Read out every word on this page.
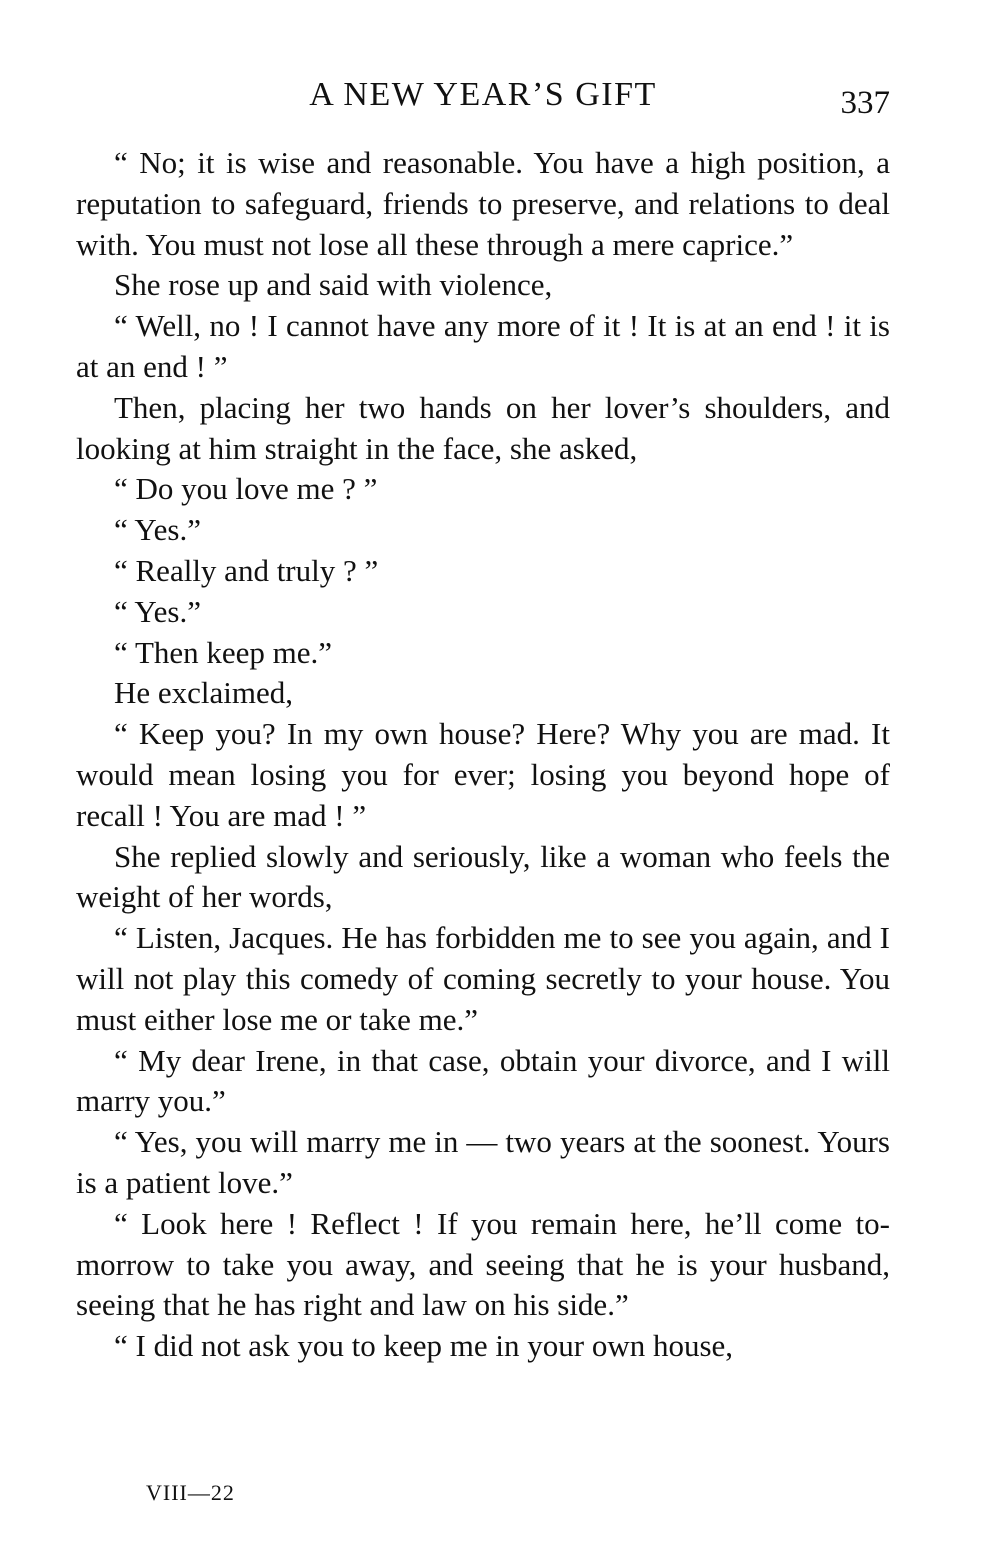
A NEW YEAR’S GIFT	337

“ No; it is wise and reasonable. You have a high position, a reputation to safeguard, friends to preserve, and relations to deal with. You must not lose all these through a mere caprice.”

She rose up and said with violence,

“ Well, no ! I cannot have any more of it ! It is at an end ! it is at an end ! ”

Then, placing her two hands on her lover’s shoulders, and looking at him straight in the face, she asked,

“ Do you love me ? ”

“ Yes.”

“ Really and truly ? ”

“ Yes.”

“ Then keep me.”

He exclaimed,

“ Keep you? In my own house? Here? Why you are mad. It would mean losing you for ever; losing you beyond hope of recall ! You are mad ! ”

She replied slowly and seriously, like a woman who feels the weight of her words,

“ Listen, Jacques. He has forbidden me to see you again, and I will not play this comedy of coming secretly to your house. You must either lose me or take me.”

“ My dear Irene, in that case, obtain your divorce, and I will marry you.”

“ Yes, you will marry me in — two years at the soonest. Yours is a patient love.”

“ Look here ! Reflect ! If you remain here, he’ll come to-morrow to take you away, and seeing that he is your husband, seeing that he has right and law on his side.”

“ I did not ask you to keep me in your own house,

VIII—22
